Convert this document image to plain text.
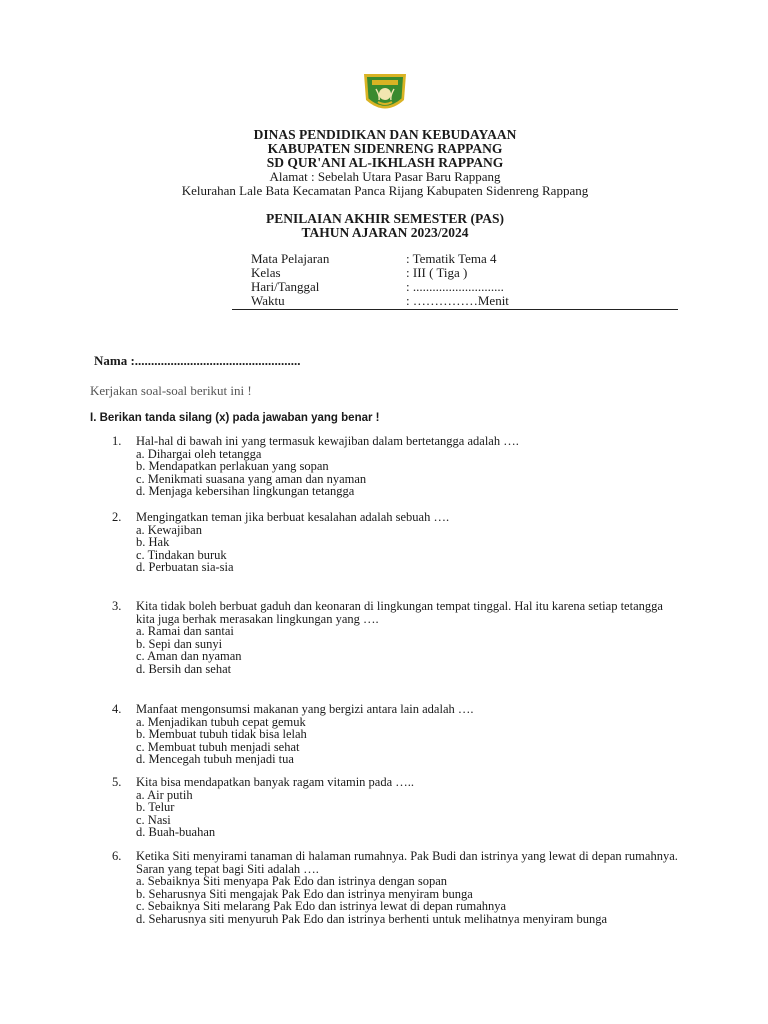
DINAS PENDIDIKAN DAN KEBUDAYAAN
KABUPATEN SIDENRENG RAPPANG
SD QUR'ANI AL-IKHLASH RAPPANG
Alamat : Sebelah Utara Pasar Baru Rappang
Kelurahan Lale Bata Kecamatan Panca Rijang Kabupaten Sidenreng Rappang
PENILAIAN AKHIR SEMESTER (PAS)
TAHUN AJARAN 2023/2024
Mata Pelajaran	: Tematik Tema 4
Kelas	: III ( Tiga )
Hari/Tanggal	: ............................
Waktu	: ……………Menit
Nama :...................................................
Kerjakan soal-soal berikut ini !
I. Berikan tanda silang (x) pada jawaban yang benar !
1. Hal-hal di bawah ini yang termasuk kewajiban dalam bertetangga adalah ….
a. Dihargai oleh tetangga
b. Mendapatkan perlakuan yang sopan
c. Menikmati suasana yang aman dan nyaman
d. Menjaga kebersihan lingkungan tetangga
2. Mengingatkan teman jika berbuat kesalahan adalah sebuah ….
a. Kewajiban
b. Hak
c. Tindakan buruk
d. Perbuatan sia-sia
3. Kita tidak boleh berbuat gaduh dan keonaran di lingkungan tempat tinggal. Hal itu karena setiap tetangga kita juga berhak merasakan lingkungan yang ….
a. Ramai dan santai
b. Sepi dan sunyi
c. Aman dan nyaman
d. Bersih dan sehat
4. Manfaat mengonsumsi makanan yang bergizi antara lain adalah ….
a. Menjadikan tubuh cepat gemuk
b. Membuat tubuh tidak bisa lelah
c. Membuat tubuh menjadi sehat
d. Mencegah tubuh menjadi tua
5. Kita bisa mendapatkan banyak ragam vitamin pada …..
a. Air putih
b. Telur
c. Nasi
d. Buah-buahan
6. Ketika Siti menyirami tanaman di halaman rumahnya. Pak Budi dan istrinya yang lewat di depan rumahnya. Saran yang tepat bagi Siti adalah ….
a. Sebaiknya Siti menyapa Pak Edo dan istrinya dengan sopan
b. Seharusnya Siti mengajak Pak Edo dan istrinya menyiram bunga
c. Sebaiknya Siti melarang Pak Edo dan istrinya lewat di depan rumahnya
d. Seharusnya siti menyuruh Pak Edo dan istrinya berhenti untuk melihatnya menyiram bunga
